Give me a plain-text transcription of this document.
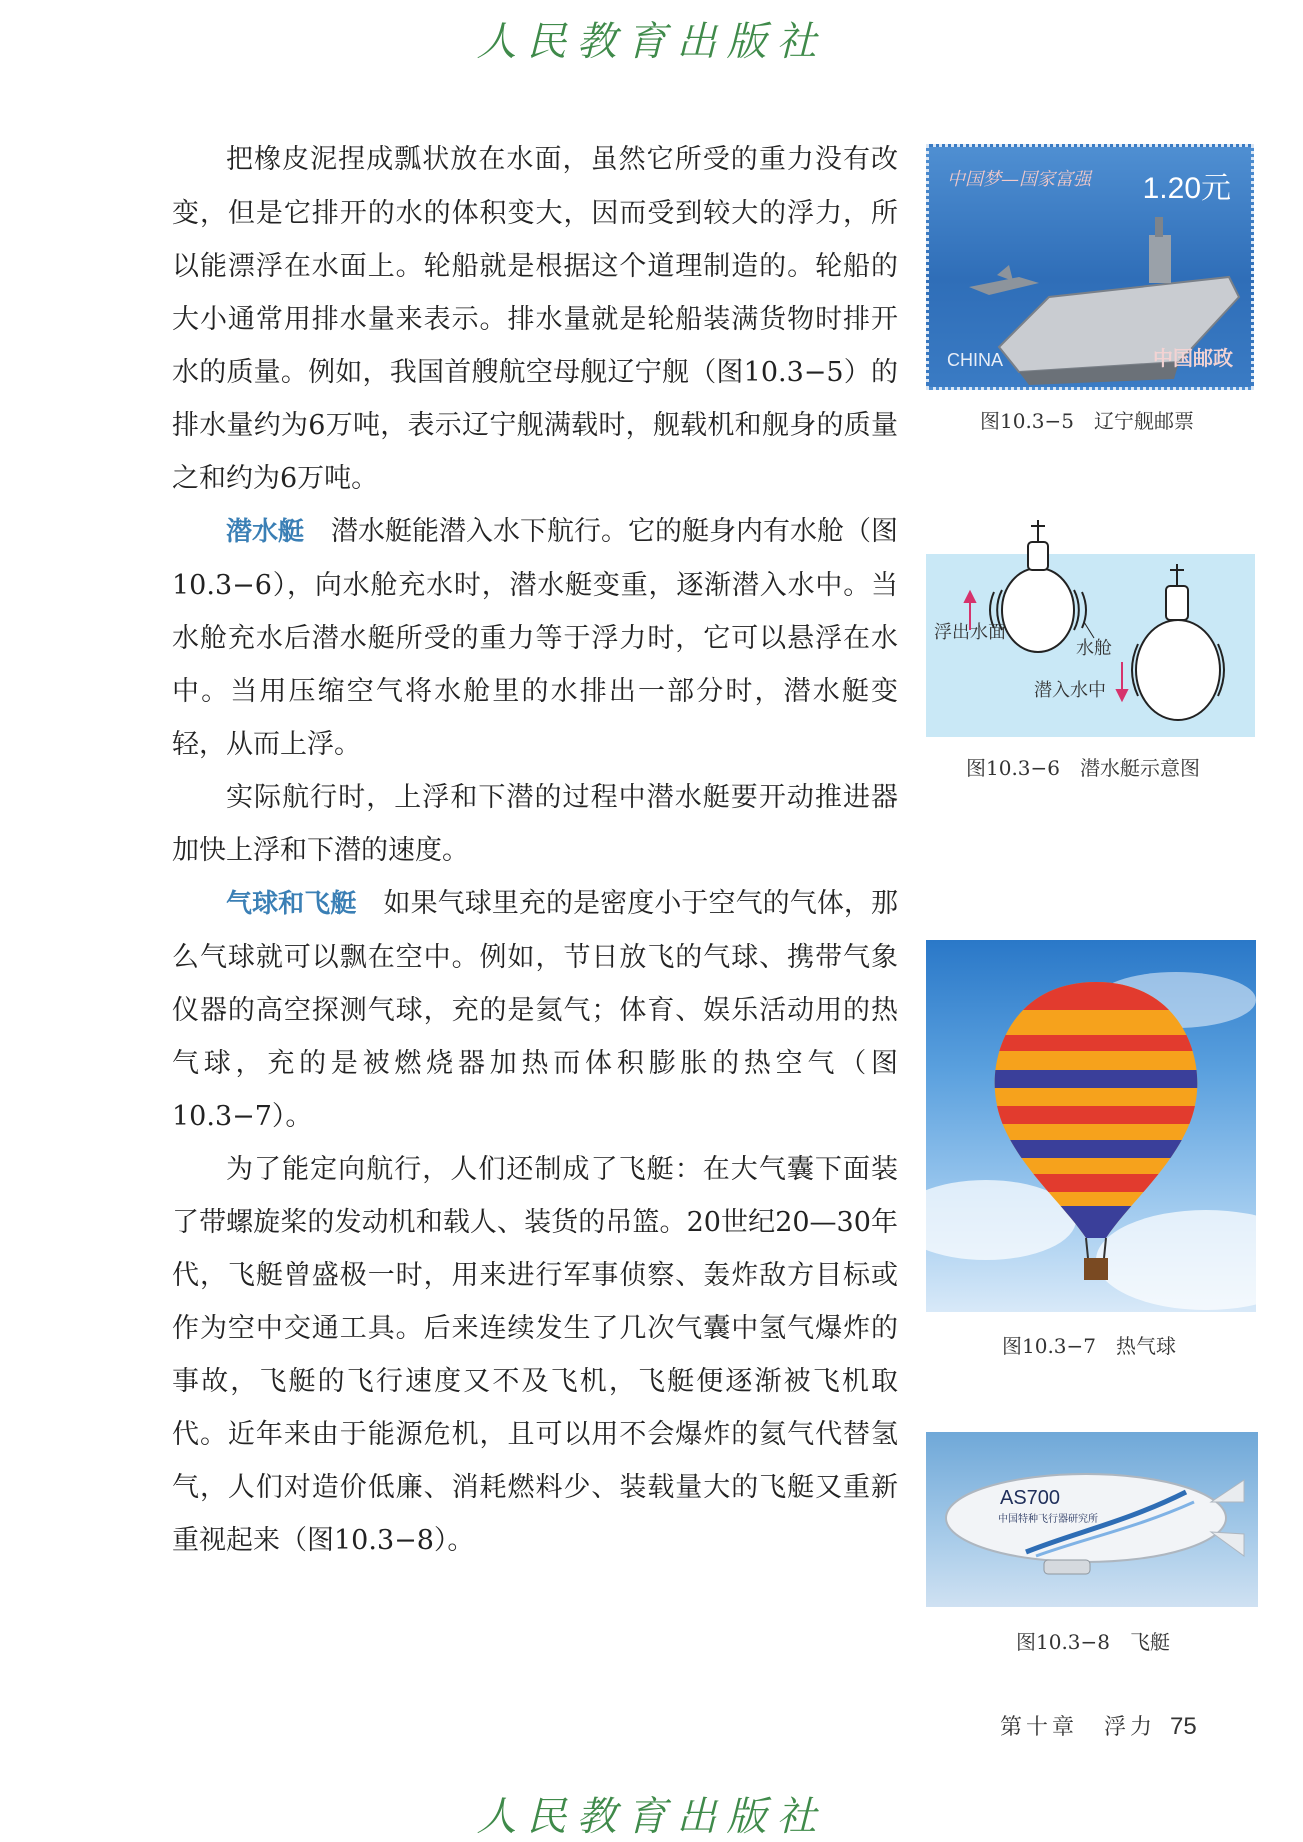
人民教育出版社

把橡皮泥捏成瓢状放在水面，虽然它所受的重力没有改变，但是它排开的水的体积变大，因而受到较大的浮力，所以能漂浮在水面上。轮船就是根据这个道理制造的。轮船的大小通常用排水量来表示。排水量就是轮船装满货物时排开水的质量。例如，我国首艘航空母舰辽宁舰（图10.3−5）的排水量约为6万吨，表示辽宁舰满载时，舰载机和舰身的质量之和约为6万吨。

潜水艇　 潜水艇能潜入水下航行。它的艇身内有水舱（图10.3−6），向水舱充水时，潜水艇变重，逐渐潜入水中。当水舱充水后潜水艇所受的重力等于浮力时，它可以悬浮在水中。当用压缩空气将水舱里的水排出一部分时，潜水艇变轻，从而上浮。

实际航行时，上浮和下潜的过程中潜水艇要开动推进器加快上浮和下潜的速度。

气球和飞艇　 如果气球里充的是密度小于空气的气体，那么气球就可以飘在空中。例如，节日放飞的气球、携带气象仪器的高空探测气球，充的是氦气；体育、娱乐活动用的热气球，充的是被燃烧器加热而体积膨胀的热空气（图10.3−7）。

为了能定向航行，人们还制成了飞艇：在大气囊下面装了带螺旋桨的发动机和载人、装货的吊篮。20世纪20—30年代，飞艇曾盛极一时，用来进行军事侦察、轰炸敌方目标或作为空中交通工具。后来连续发生了几次气囊中氢气爆炸的事故，飞艇的飞行速度又不及飞机，飞艇便逐渐被飞机取代。近年来由于能源危机，且可以用不会爆炸的氦气代替氢气，人们对造价低廉、消耗燃料少、装载量大的飞艇又重新重视起来（图10.3−8）。

中国梦—国家富强 1.20元
CHINA	中国邮政
图10.3−5　辽宁舰邮票
浮出水面
水舱
潜入水中
图10.3−6　潜水艇示意图
图10.3−7　热气球
AS700
中国特种飞行器研究所
图10.3−8　飞艇
第十章　浮力 75
人民教育出版社
